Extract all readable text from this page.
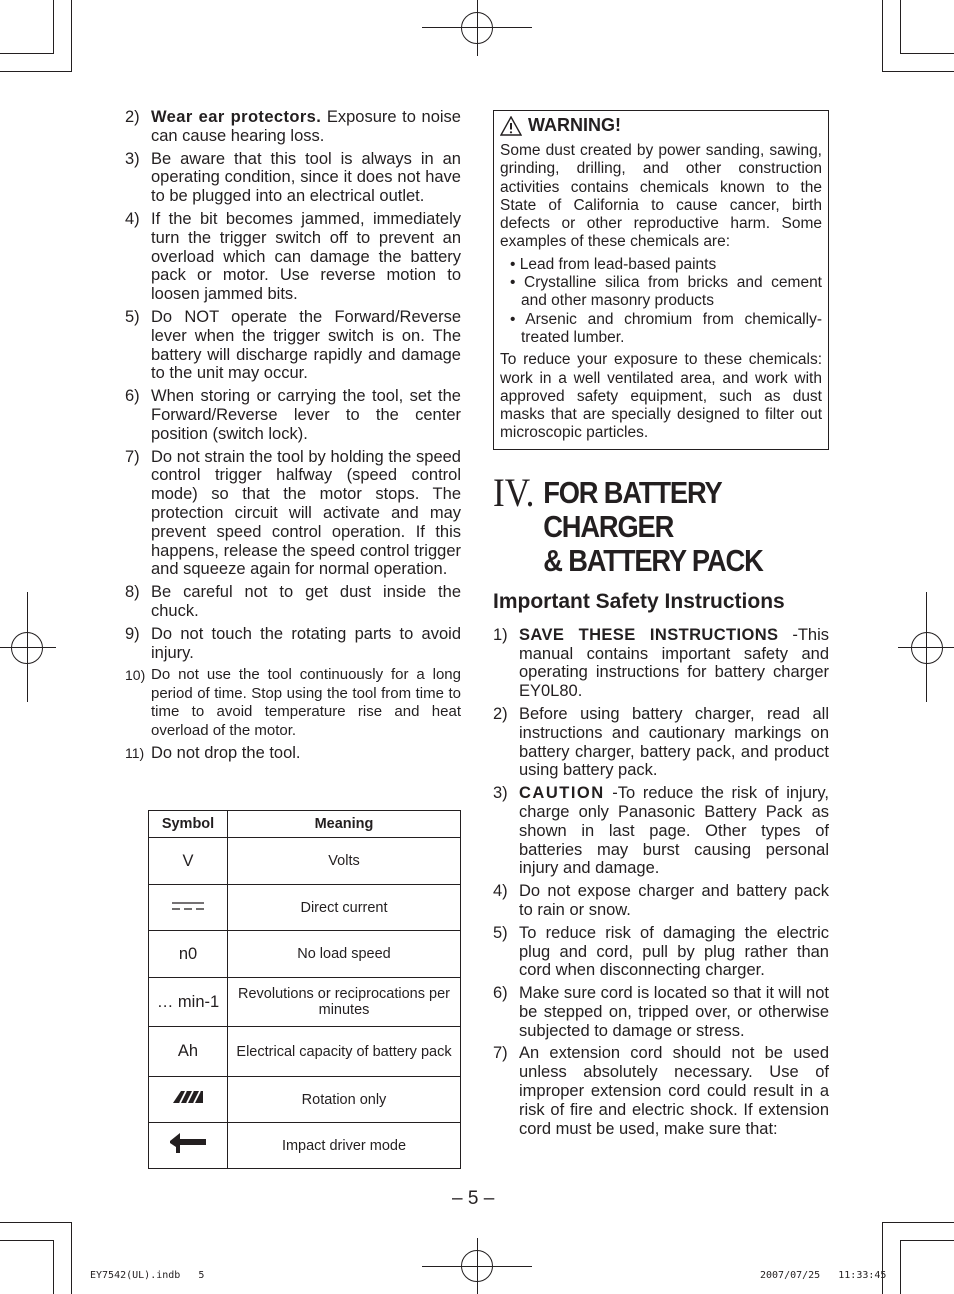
2) Wear ear protectors. Exposure to noise can cause hearing loss.
3) Be aware that this tool is always in an operating condition, since it does not have to be plugged into an electrical outlet.
4) If the bit becomes jammed, immediately turn the trigger switch off to prevent an overload which can damage the battery pack or motor. Use reverse motion to loosen jammed bits.
5) Do NOT operate the Forward/Reverse lever when the trigger switch is on. The battery will discharge rapidly and damage to the unit may occur.
6) When storing or carrying the tool, set the Forward/Reverse lever to the center position (switch lock).
7) Do not strain the tool by holding the speed control trigger halfway (speed control mode) so that the motor stops. The protection circuit will activate and may prevent speed control operation. If this happens, release the speed control trigger and squeeze again for normal operation.
8) Be careful not to get dust inside the chuck.
9) Do not touch the rotating parts to avoid injury.
10) Do not use the tool continuously for a long period of time. Stop using the tool from time to time to avoid temperature rise and heat overload of the motor.
11) Do not drop the tool.
Symbol	Meaning
V	Volts
	Direct current
n0	No load speed
… min-1	Revolutions or reciprocations per minutes
Ah	Electrical capacity of battery pack
	Rotation only
	Impact driver mode
WARNING!

Some dust created by power sanding, sawing, grinding, drilling, and other construction activities contains chemicals known to the State of California to cause cancer, birth defects or other reproductive harm. Some examples of these chemicals are:

• Lead from lead-based paints
• Crystalline silica from bricks and cement and other masonry products
• Arsenic and chromium from chemically-treated lumber.

To reduce your exposure to these chemicals: work in a well ventilated area, and work with approved safety equipment, such as dust masks that are specially designed to filter out microscopic particles.

IV. FOR BATTERY CHARGER
& BATTERY PACK
Important Safety Instructions
1) SAVE THESE INSTRUCTIONS -This manual contains important safety and operating instructions for battery charger EY0L80.
2) Before using battery charger, read all instructions and cautionary markings on battery charger, battery pack, and product using battery pack.
3) CAUTION -To reduce the risk of injury, charge only Panasonic Battery Pack as shown in last page. Other types of batteries may burst causing personal injury and damage.
4) Do not expose charger and battery pack to rain or snow.
5) To reduce risk of damaging the electric plug and cord, pull by plug rather than cord when disconnecting charger.
6) Make sure cord is located so that it will not be stepped on, tripped over, or otherwise subjected to damage or stress.
7) An extension cord should not be used unless absolutely necessary. Use of improper extension cord could result in a risk of fire and electric shock. If extension cord must be used, make sure that:
– 5 –
EY7542(UL).indb   5	2007/07/25   11:33:45
